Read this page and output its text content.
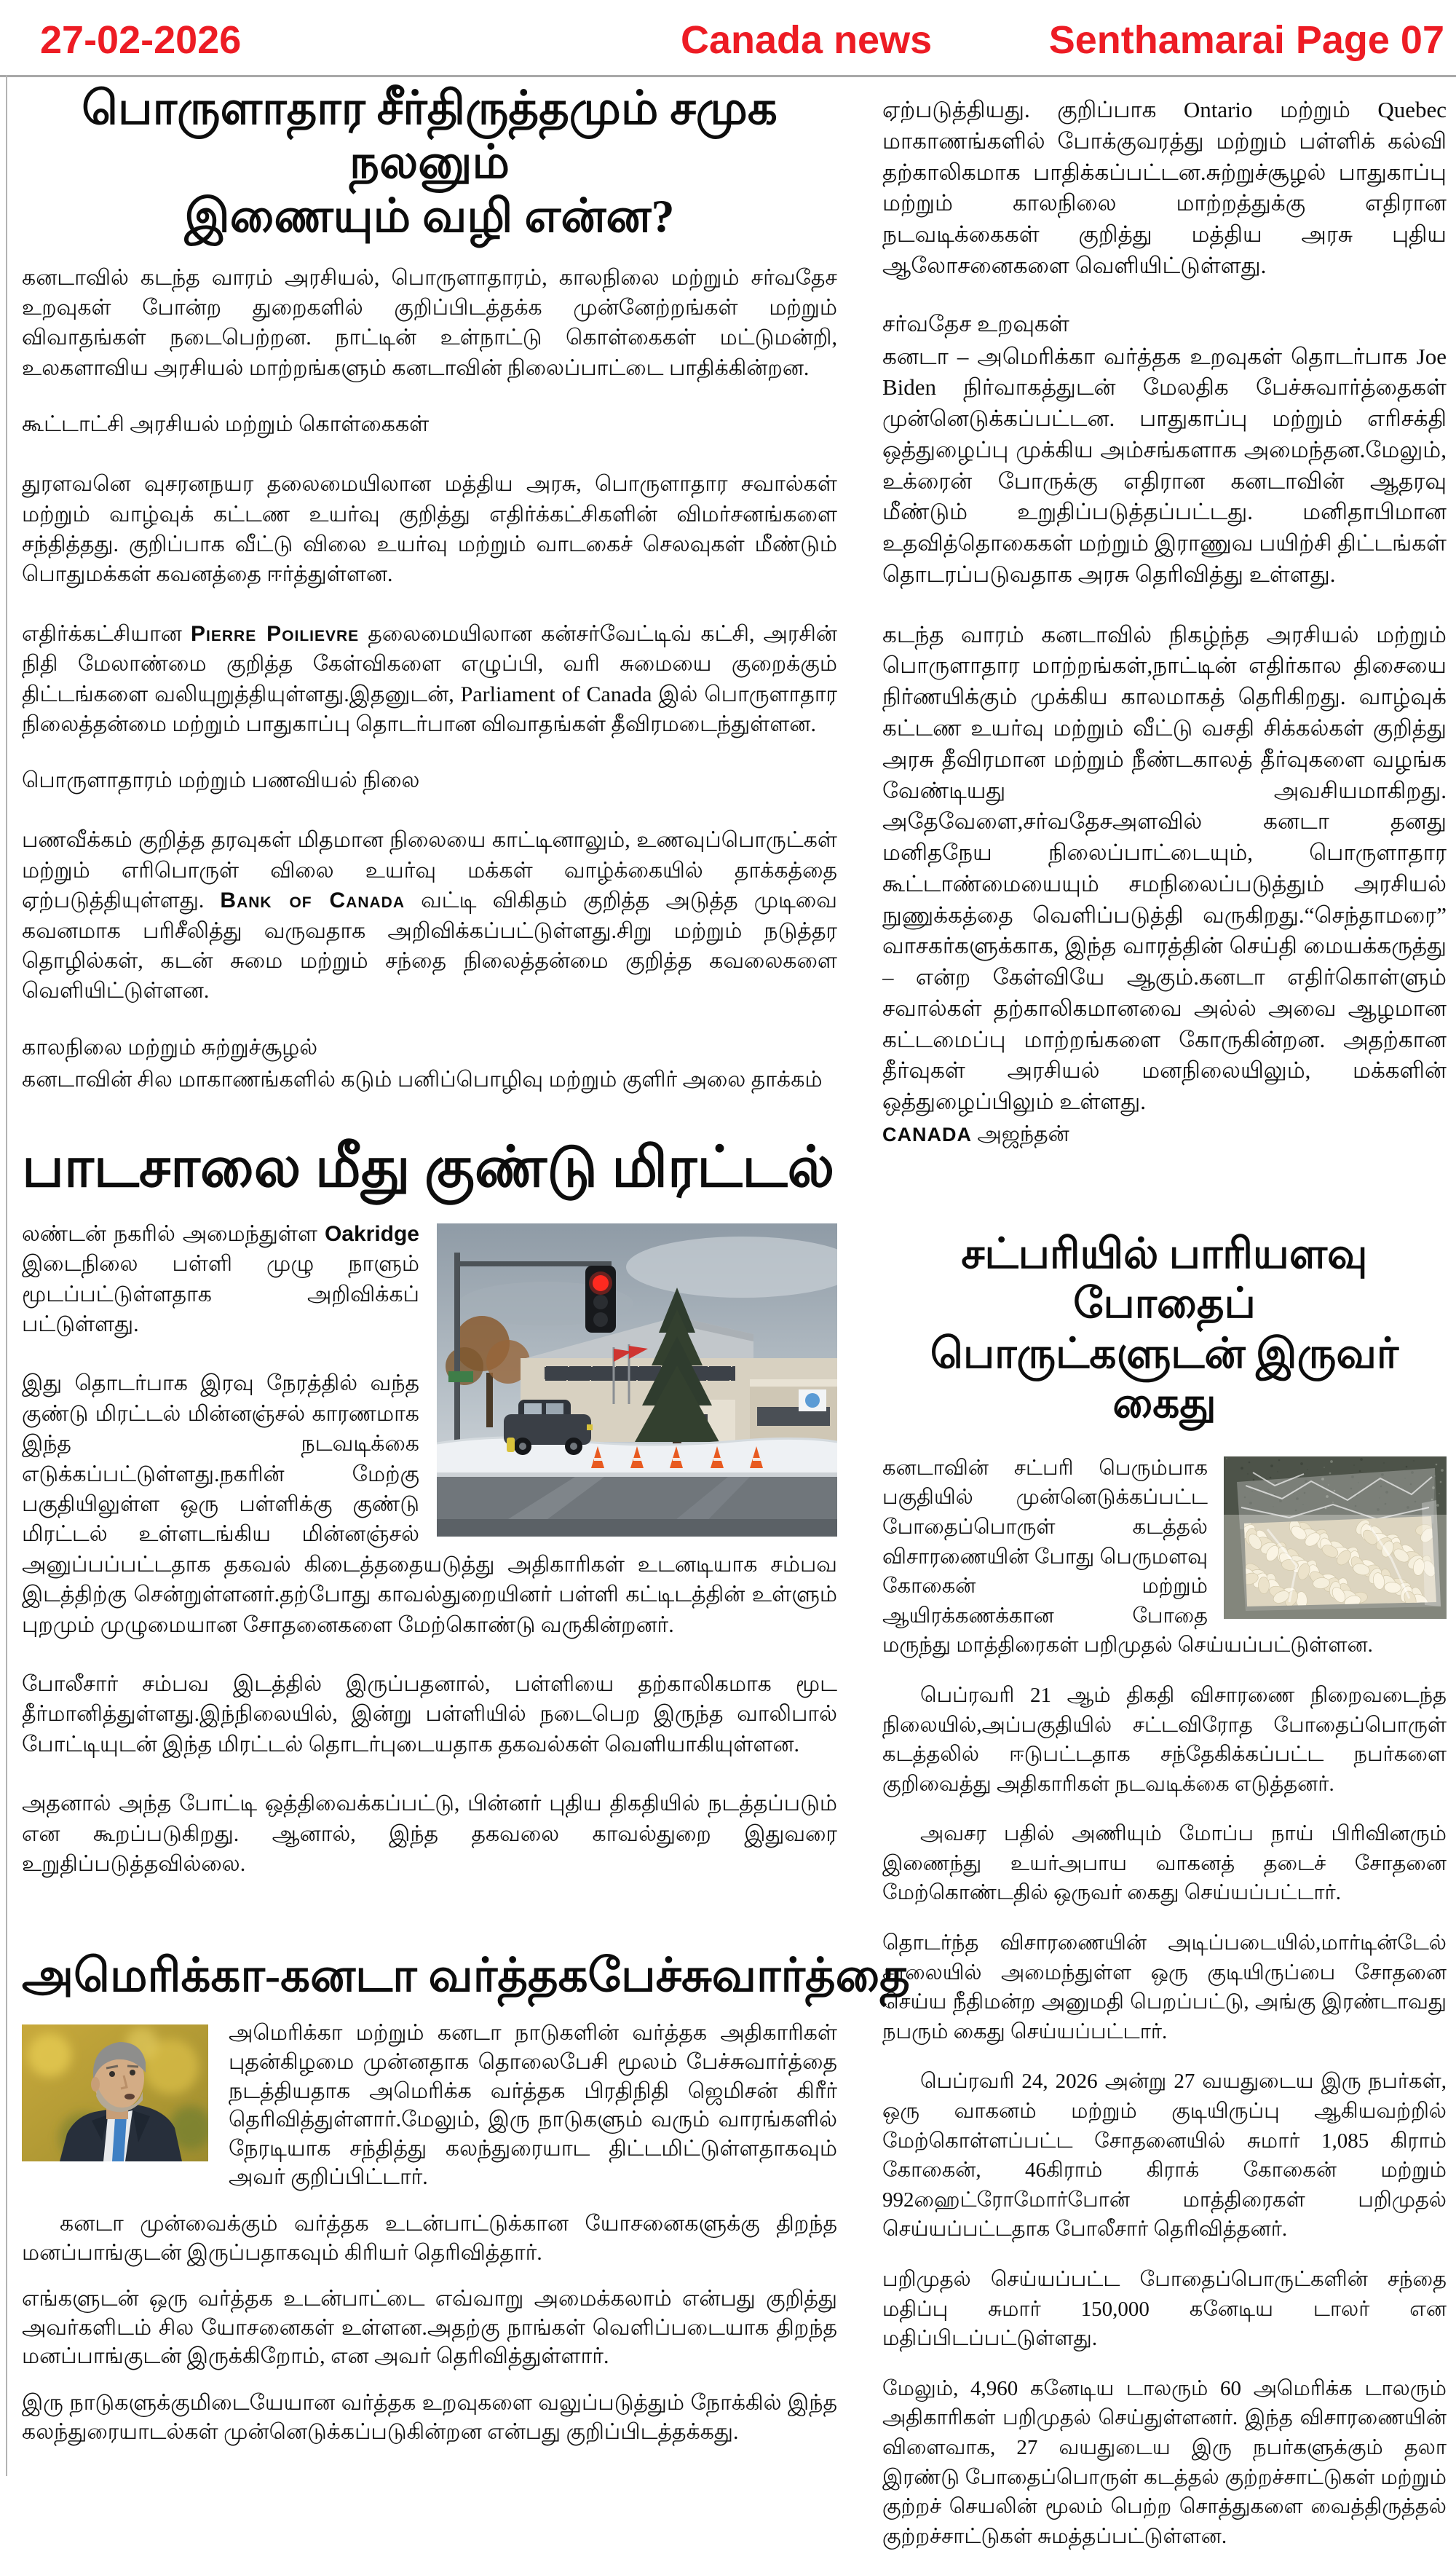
27-02-2026	Canada news	Senthamarai Page 07
பொருளாதார சீர்திருத்தமும் சமுக நலனும்
இணையும் வழி என்ன?

கனடாவில் கடந்த வாரம் அரசியல், பொருளாதாரம், காலநிலை மற்றும் சர்வதேச உறவுகள் போன்ற துறைகளில் குறிப்பிடத்தக்க முன்னேற்றங்கள் மற்றும் விவாதங்கள் நடைபெற்றன. நாட்டின் உள்நாட்டு கொள்கைகள் மட்டுமன்றி, உலகளாவிய அரசியல் மாற்றங்களும் கனடாவின் நிலைப்பாட்டை பாதிக்கின்றன.

கூட்டாட்சி அரசியல் மற்றும் கொள்கைகள்

துரளவனெ வுசரனநயர தலைமையிலான மத்திய அரசு, பொருளாதார சவால்கள் மற்றும் வாழ்வுக் கட்டண உயர்வு குறித்து எதிர்க்கட்சிகளின் விமர்சனங்களை சந்தித்தது. குறிப்பாக வீட்டு விலை உயர்வு மற்றும் வாடகைச் செலவுகள் மீண்டும் பொதுமக்கள் கவனத்தை ஈர்த்துள்ளன.

எதிர்க்கட்சியான Pierre Poilievre தலைமையிலான கன்சர்வேட்டிவ் கட்சி, அரசின் நிதி மேலாண்மை குறித்த கேள்விகளை எழுப்பி, வரி சுமையை குறைக்கும் திட்டங்களை வலியுறுத்தியுள்ளது.இதனுடன், Parliament of Canada இல் பொருளாதார நிலைத்தன்மை மற்றும் பாதுகாப்பு தொடர்பான விவாதங்கள் தீவிரமடைந்துள்ளன.

பொருளாதாரம் மற்றும் பணவியல் நிலை

பணவீக்கம் குறித்த தரவுகள் மிதமான நிலையை காட்டினாலும், உணவுப்பொருட்கள் மற்றும் எரிபொருள் விலை உயர்வு மக்கள் வாழ்க்கையில் தாக்கத்தை ஏற்படுத்தியுள்ளது. Bank of Canada வட்டி விகிதம் குறித்த அடுத்த முடிவை கவனமாக பரிசீலித்து வருவதாக அறிவிக்கப்பட்டுள்ளது.சிறு மற்றும் நடுத்தர தொழில்கள், கடன் சுமை மற்றும் சந்தை நிலைத்தன்மை குறித்த கவலைகளை வெளியிட்டுள்ளன.

காலநிலை மற்றும் சுற்றுச்சூழல்

கனடாவின் சில மாகாணங்களில் கடும் பனிப்பொழிவு மற்றும் குளிர் அலை தாக்கம்

பாடசாலை மீது குண்டு மிரட்டல்

லண்டன் நகரில் அமைந்துள்ள Oakridge இடைநிலை பள்ளி முழு நாளும் மூடப்பட்டுள்ளதாக அறிவிக்கப் பட்டுள்ளது.

இது தொடர்பாக இரவு நேரத்தில் வந்த குண்டு மிரட்டல் மின்னஞ்சல் காரணமாக இந்த நடவடிக்கை எடுக்கப்பட்டுள்ளது.நகரின் மேற்கு பகுதியிலுள்ள ஒரு பள்ளிக்கு குண்டு மிரட்டல் உள்ளடங்கிய மின்னஞ்சல் அனுப்பப்பட்டதாக தகவல் கிடைத்ததையடுத்து அதிகாரிகள் உடனடியாக சம்பவ இடத்திற்கு சென்றுள்ளனர்.தற்போது காவல்துறையினர் பள்ளி கட்டிடத்தின் உள்ளும் புறமும் முழுமையான சோதனைகளை மேற்கொண்டு வருகின்றனர்.

போலீசார் சம்பவ இடத்தில் இருப்பதனால், பள்ளியை தற்காலிகமாக மூட தீர்மானித்துள்ளது.இந்நிலையில், இன்று பள்ளியில் நடைபெற இருந்த வாலிபால் போட்டியுடன் இந்த மிரட்டல் தொடர்புடையதாக தகவல்கள் வெளியாகியுள்ளன.

அதனால் அந்த போட்டி ஒத்திவைக்கப்பட்டு, பின்னர் புதிய திகதியில் நடத்தப்படும் என கூறப்படுகிறது. ஆனால், இந்த தகவலை காவல்துறை இதுவரை உறுதிப்படுத்தவில்லை.

அமெரிக்கா-கனடா வர்த்தகபேச்சுவார்த்தை

அமெரிக்கா மற்றும் கனடா நாடுகளின் வர்த்தக அதிகாரிகள் புதன்கிழமை முன்னதாக தொலைபேசி மூலம் பேச்சுவார்த்தை நடத்தியதாக அமெரிக்க வர்த்தக பிரதிநிதி ஜெமிசன் கிரீர் தெரிவித்துள்ளார்.மேலும், இரு நாடுகளும் வரும் வாரங்களில் நேரடியாக சந்தித்து கலந்துரையாட திட்டமிட்டுள்ளதாகவும் அவர் குறிப்பிட்டார்.

கனடா முன்வைக்கும் வர்த்தக உடன்பாட்டுக்கான யோசனைகளுக்கு திறந்த மனப்பாங்குடன் இருப்பதாகவும் கிரியர் தெரிவித்தார்.

எங்களுடன் ஒரு வர்த்தக உடன்பாட்டை எவ்வாறு அமைக்கலாம் என்பது குறித்து அவர்களிடம் சில யோசனைகள் உள்ளன.அதற்கு நாங்கள் வெளிப்படையாக திறந்த மனப்பாங்குடன் இருக்கிறோம், என அவர் தெரிவித்துள்ளார்.

இரு நாடுகளுக்குமிடையேயான வர்த்தக உறவுகளை வலுப்படுத்தும் நோக்கில் இந்த கலந்துரையாடல்கள் முன்னெடுக்கப்படுகின்றன என்பது குறிப்பிடத்தக்கது.

ஏற்படுத்தியது. குறிப்பாக Ontario மற்றும் Quebec மாகாணங்களில் போக்குவரத்து மற்றும் பள்ளிக் கல்வி தற்காலிகமாக பாதிக்கப்பட்டன.சுற்றுச்சூழல் பாதுகாப்பு மற்றும் காலநிலை மாற்றத்துக்கு எதிரான நடவடிக்கைகள் குறித்து மத்திய அரசு புதிய ஆலோசனைகளை வெளியிட்டுள்ளது.

சர்வதேச உறவுகள்

கனடா – அமெரிக்கா வர்த்தக உறவுகள் தொடர்பாக Joe Biden நிர்வாகத்துடன் மேலதிக பேச்சுவார்த்தைகள் முன்னெடுக்கப்பட்டன. பாதுகாப்பு மற்றும் எரிசக்தி ஒத்துழைப்பு முக்கிய அம்சங்களாக அமைந்தன.மேலும், உக்ரைன் போருக்கு எதிரான கனடாவின் ஆதரவு மீண்டும் உறுதிப்படுத்தப்பட்டது. மனிதாபிமான உதவித்தொகைகள் மற்றும் இராணுவ பயிற்சி திட்டங்கள் தொடரப்படுவதாக அரசு தெரிவித்து உள்ளது.

கடந்த வாரம் கனடாவில் நிகழ்ந்த அரசியல் மற்றும் பொருளாதார மாற்றங்கள்,நாட்டின் எதிர்கால திசையை நிர்ணயிக்கும் முக்கிய காலமாகத் தெரிகிறது. வாழ்வுக் கட்டண உயர்வு மற்றும் வீட்டு வசதி சிக்கல்கள் குறித்து அரசு தீவிரமான மற்றும் நீண்டகாலத் தீர்வுகளை வழங்க வேண்டியது அவசியமாகிறது. அதேவேளை,சர்வதேசஅளவில் கனடா தனது மனிதநேய நிலைப்பாட்டையும், பொருளாதார கூட்டாண்மையையும் சமநிலைப்படுத்தும் அரசியல் நுணுக்கத்தை வெளிப்படுத்தி வருகிறது.“செந்தாமரை” வாசகர்களுக்காக, இந்த வாரத்தின் செய்தி மையக்கருத்து – என்ற கேள்வியே ஆகும்.கனடா எதிர்கொள்ளும் சவால்கள் தற்காலிகமானவை அல்ல் அவை ஆழமான கட்டமைப்பு மாற்றங்களை கோருகின்றன. அதற்கான தீர்வுகள் அரசியல் மனநிலையிலும், மக்களின் ஒத்துழைப்பிலும் உள்ளது.

CANADA அஜந்தன்
சட்பரியில் பாரியளவு போதைப்
பொருட்களுடன் இருவர் கைது

கனடாவின் சட்பரி பெரும்பாக பகுதியில் முன்னெடுக்கப்பட்ட போதைப்பொருள் கடத்தல் விசாரணையின் போது பெருமளவு கோகைன் மற்றும் ஆயிரக்கணக்கான போதை மருந்து மாத்திரைகள் பறிமுதல் செய்யப்பட்டுள்ளன.

பெப்ரவரி 21 ஆம் திகதி விசாரணை நிறைவடைந்த நிலையில்,அப்பகுதியில் சட்டவிரோத போதைப்பொருள் கடத்தலில் ஈடுபட்டதாக சந்தேகிக்கப்பட்ட நபர்களை குறிவைத்து அதிகாரிகள் நடவடிக்கை எடுத்தனர்.

அவசர பதில் அணியும் மோப்ப நாய் பிரிவினரும் இணைந்து உயர்அபாய வாகனத் தடைச் சோதனை மேற்கொண்டதில் ஒருவர் கைது செய்யப்பட்டார்.

தொடர்ந்த விசாரணையின் அடிப்படையில்,மார்டின்டேல் சாலையில் அமைந்துள்ள ஒரு குடியிருப்பை சோதனை செய்ய நீதிமன்ற அனுமதி பெறப்பட்டு, அங்கு இரண்டாவது நபரும் கைது செய்யப்பட்டார்.

பெப்ரவரி 24, 2026 அன்று 27 வயதுடைய இரு நபர்கள், ஒரு வாகனம் மற்றும் குடியிருப்பு ஆகியவற்றில் மேற்கொள்ளப்பட்ட சோதனையில் சுமார் 1,085 கிராம் கோகைன், 46கிராம் கிராக் கோகைன் மற்றும் 992ஹைட்ரோமோர்போன் மாத்திரைகள் பறிமுதல் செய்யப்பட்டதாக போலீசார் தெரிவித்தனர்.

பறிமுதல் செய்யப்பட்ட போதைப்பொருட்களின் சந்தை மதிப்பு சுமார் 150,000 கனேடிய டாலர் என மதிப்பிடப்பட்டுள்ளது.

மேலும், 4,960 கனேடிய டாலரும் 60 அமெரிக்க டாலரும் அதிகாரிகள் பறிமுதல் செய்துள்ளனர். இந்த விசாரணையின் விளைவாக, 27 வயதுடைய இரு நபர்களுக்கும் தலா இரண்டு போதைப்பொருள் கடத்தல் குற்றச்சாட்டுகள் மற்றும் குற்றச் செயலின் மூலம் பெற்ற சொத்துகளை வைத்திருத்தல் குற்றச்சாட்டுகள் சுமத்தப்பட்டுள்ளன.
